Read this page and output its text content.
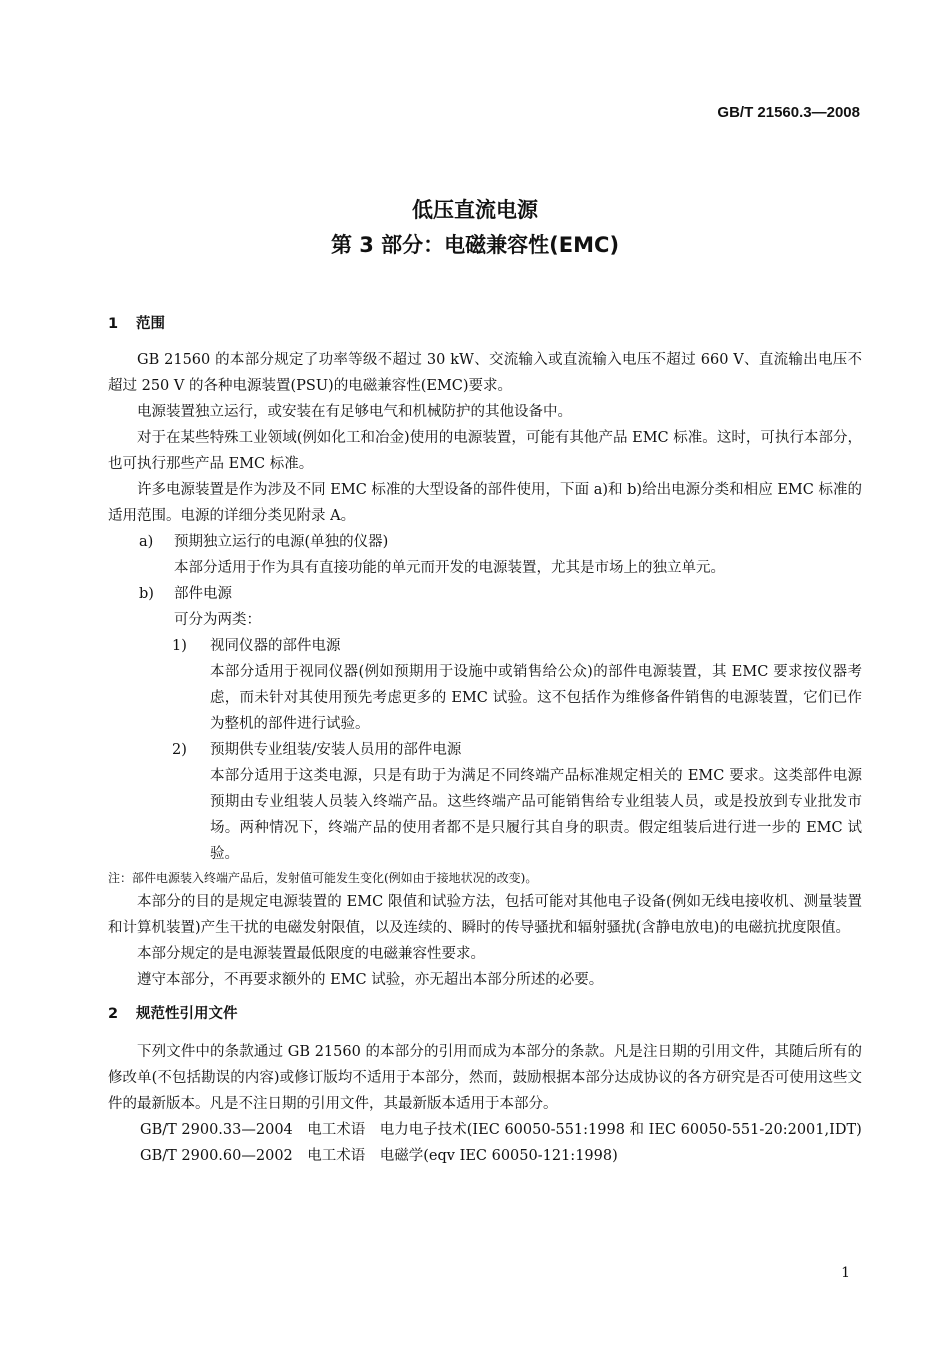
GB/T 21560.3—2008
低压直流电源
第 3 部分：电磁兼容性(EMC)
1 范围

GB 21560 的本部分规定了功率等级不超过 30 kW、交流输入或直流输入电压不超过 660 V、直流输出电压不超过 250 V 的各种电源装置(PSU)的电磁兼容性(EMC)要求。

电源装置独立运行，或安装在有足够电气和机械防护的其他设备中。

对于在某些特殊工业领域(例如化工和冶金)使用的电源装置，可能有其他产品 EMC 标准。这时，可执行本部分，也可执行那些产品 EMC 标准。

许多电源装置是作为涉及不同 EMC 标准的大型设备的部件使用，下面 a)和 b)给出电源分类和相应 EMC 标准的适用范围。电源的详细分类见附录 A。

a)	预期独立运行的电源(单独的仪器)

本部分适用于作为具有直接功能的单元而开发的电源装置，尤其是市场上的独立单元。

b)	部件电源

可分为两类：

1)	视同仪器的部件电源

本部分适用于视同仪器(例如预期用于设施中或销售给公众)的部件电源装置，其 EMC 要求按仪器考虑，而未针对其使用预先考虑更多的 EMC 试验。这不包括作为维修备件销售的电源装置，它们已作为整机的部件进行试验。

2)	预期供专业组装/安装人员用的部件电源

本部分适用于这类电源，只是有助于为满足不同终端产品标准规定相关的 EMC 要求。这类部件电源预期由专业组装人员装入终端产品。这些终端产品可能销售给专业组装人员，或是投放到专业批发市场。两种情况下，终端产品的使用者都不是只履行其自身的职责。假定组装后进行进一步的 EMC 试验。

注：部件电源装入终端产品后，发射值可能发生变化(例如由于接地状况的改变)。

本部分的目的是规定电源装置的 EMC 限值和试验方法，包括可能对其他电子设备(例如无线电接收机、测量装置和计算机装置)产生干扰的电磁发射限值，以及连续的、瞬时的传导骚扰和辐射骚扰(含静电放电)的电磁抗扰度限值。

本部分规定的是电源装置最低限度的电磁兼容性要求。

遵守本部分，不再要求额外的 EMC 试验，亦无超出本部分所述的必要。

2 规范性引用文件

下列文件中的条款通过 GB 21560 的本部分的引用而成为本部分的条款。凡是注日期的引用文件，其随后所有的修改单(不包括勘误的内容)或修订版均不适用于本部分，然而，鼓励根据本部分达成协议的各方研究是否可使用这些文件的最新版本。凡是不注日期的引用文件，其最新版本适用于本部分。

GB/T 2900.33—2004　电工术语　电力电子技术(IEC 60050-551:1998 和 IEC 60050-551-20:2001,IDT)

GB/T 2900.60—2002　电工术语　电磁学(eqv IEC 60050-121:1998)

1
